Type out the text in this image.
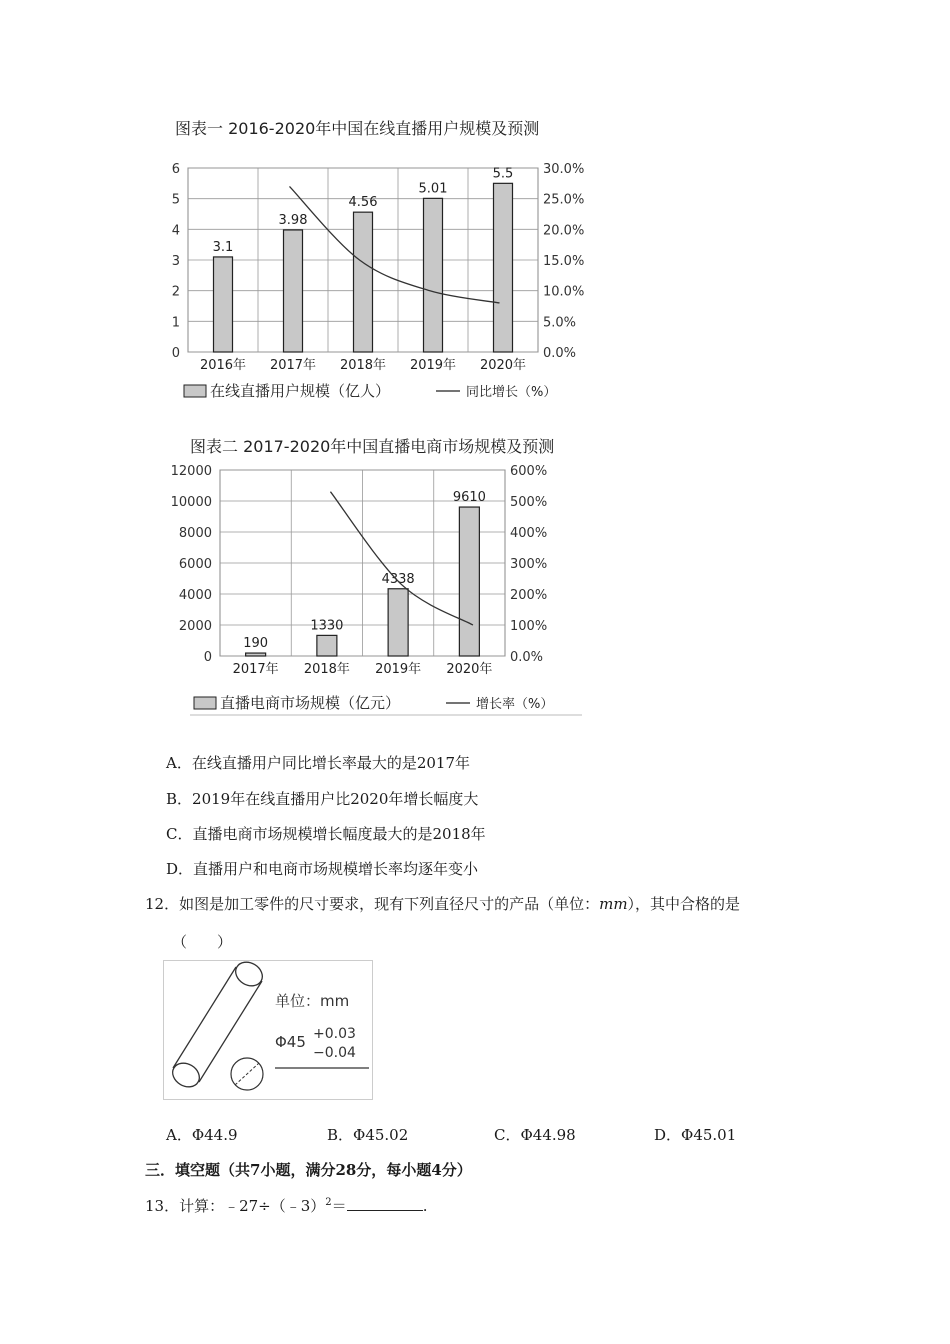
图表一 2016-2020年中国在线直播用户规模及预测
0
1
2
3
4
5
6
0.0%
5.0%
10.0%
15.0%
20.0%
25.0%
30.0%
3.1
2016年
3.98
2017年
4.56
2018年
5.01
2019年
5.5
2020年
在线直播用户规模（亿人）	同比增长（%）
图表二 2017-2020年中国直播电商市场规模及预测
0
2000
4000
6000
8000
10000
12000
0.0%
100%
200%
300%
400%
500%
600%
190
2017年
1330
2018年
4338
2019年
9610
2020年
直播电商市场规模（亿元）	增长率（%）
A．在线直播用户同比增长率最大的是2017年
B．2019年在线直播用户比2020年增长幅度大
C．直播电商市场规模增长幅度最大的是2018年
D．直播用户和电商市场规模增长率均逐年变小
12．如图是加工零件的尺寸要求，现有下列直径尺寸的产品（单位：mm），其中合格的是
（　　）
单位：mm
Φ45 +0.03
−0.04
A．Φ44.9	B．Φ45.02	C．Φ44.98	D．Φ45.01
三．填空题（共7小题，满分28分，每小题4分）
13．计算：﹣27÷（﹣3）$^2$＝	.
